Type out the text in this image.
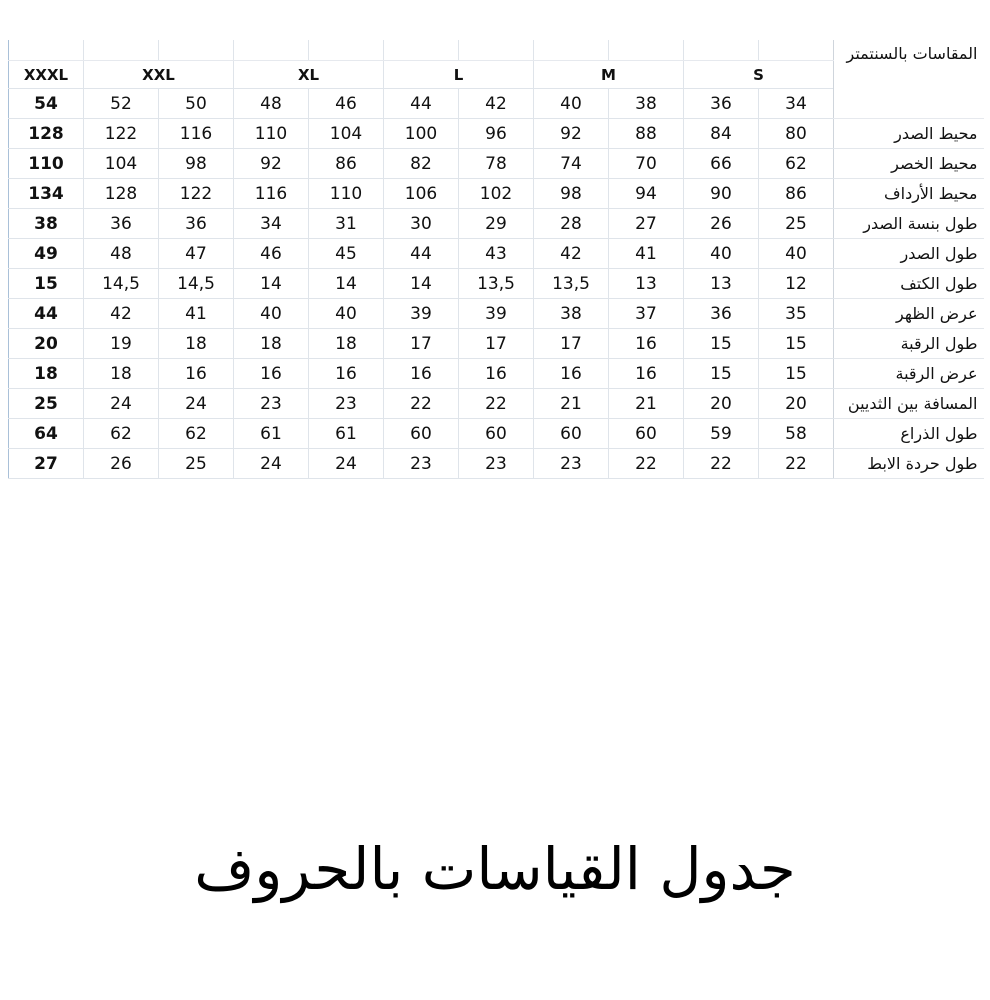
											المقاسات بالسنتمتر
XXXL	XXL		XL		L		M		S		
54	52	50	48	46	44	42	40	38	36	34	
128	122	116	110	104	100	96	92	88	84	80	محيط الصدر
110	104	98	92	86	82	78	74	70	66	62	محيط الخصر
134	128	122	116	110	106	102	98	94	90	86	محيط الأرداف
38	36	36	34	31	30	29	28	27	26	25	طول بنسة الصدر
49	48	47	46	45	44	43	42	41	40	40	طول الصدر
15	14,5	14,5	14	14	14	13,5	13,5	13	13	12	طول الكتف
44	42	41	40	40	39	39	38	37	36	35	عرض الظهر
20	19	18	18	18	17	17	17	16	15	15	طول الرقبة
18	18	16	16	16	16	16	16	16	15	15	عرض الرقبة
25	24	24	23	23	22	22	21	21	20	20	المسافة بين الثديين
64	62	62	61	61	60	60	60	60	59	58	طول الذراع
27	26	25	24	24	23	23	23	22	22	22	طول حردة الابط
جدول القياسات بالحروف
